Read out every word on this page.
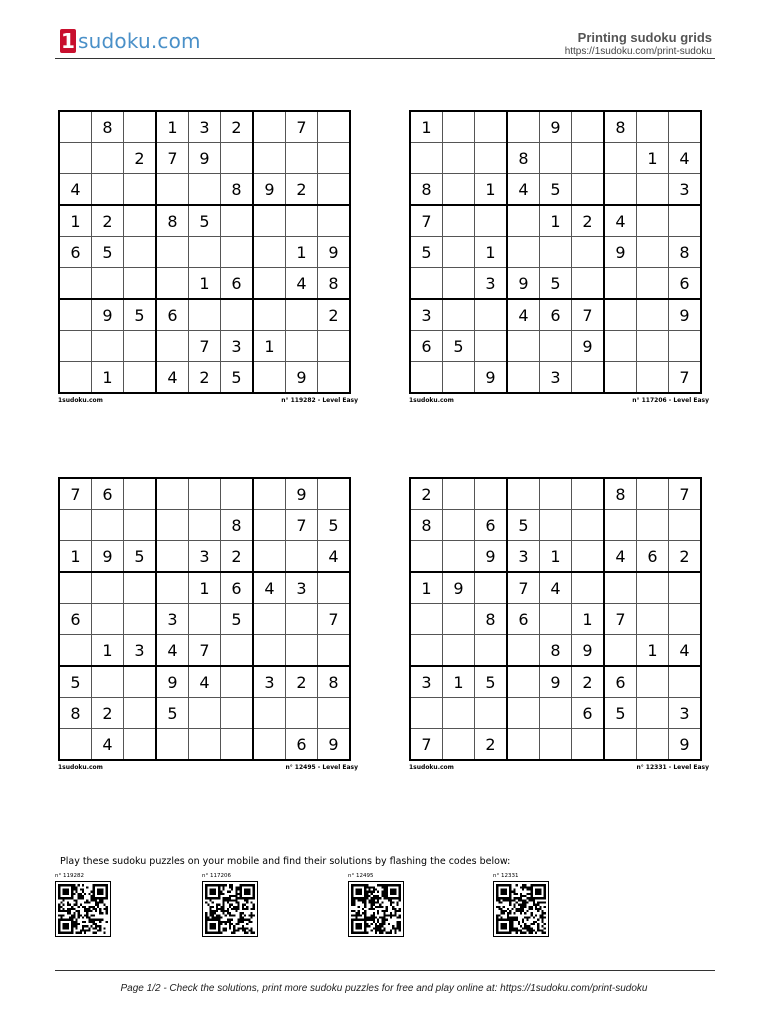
1 sudoku.com	Printing sudoku grids
https://1sudoku.com/print-sudoku
	8		1	3	2		7	
		2	7	9				
4					8	9	2	
1	2		8	5				
6	5						1	9
				1	6		4	8
	9	5	6					2
				7	3	1		
	1		4	2	5		9	
1sudoku.com	n° 119282 - Level Easy
1				9		8		
			8				1	4
8		1	4	5				3
7				1	2	4		
5		1				9		8
		3	9	5				6
3			4	6	7			9
6	5				9			
		9		3				7
1sudoku.com	n° 117206 - Level Easy
7	6						9	
					8		7	5
1	9	5		3	2			4
				1	6	4	3	
6			3		5			7
	1	3	4	7				
5			9	4		3	2	8
8	2		5					
	4						6	9
1sudoku.com	n° 12495 - Level Easy
2						8		7
8		6	5					
		9	3	1		4	6	2
1	9		7	4				
		8	6		1	7		
				8	9		1	4
3	1	5		9	2	6		
					6	5		3
7		2						9
1sudoku.com	n° 12331 - Level Easy
Play these sudoku puzzles on your mobile and find their solutions by flashing the codes below:
n° 119282	n° 117206	n° 12495	n° 12331
Page 1/2 - Check the solutions, print more sudoku puzzles for free and play online at: https://1sudoku.com/print-sudoku
